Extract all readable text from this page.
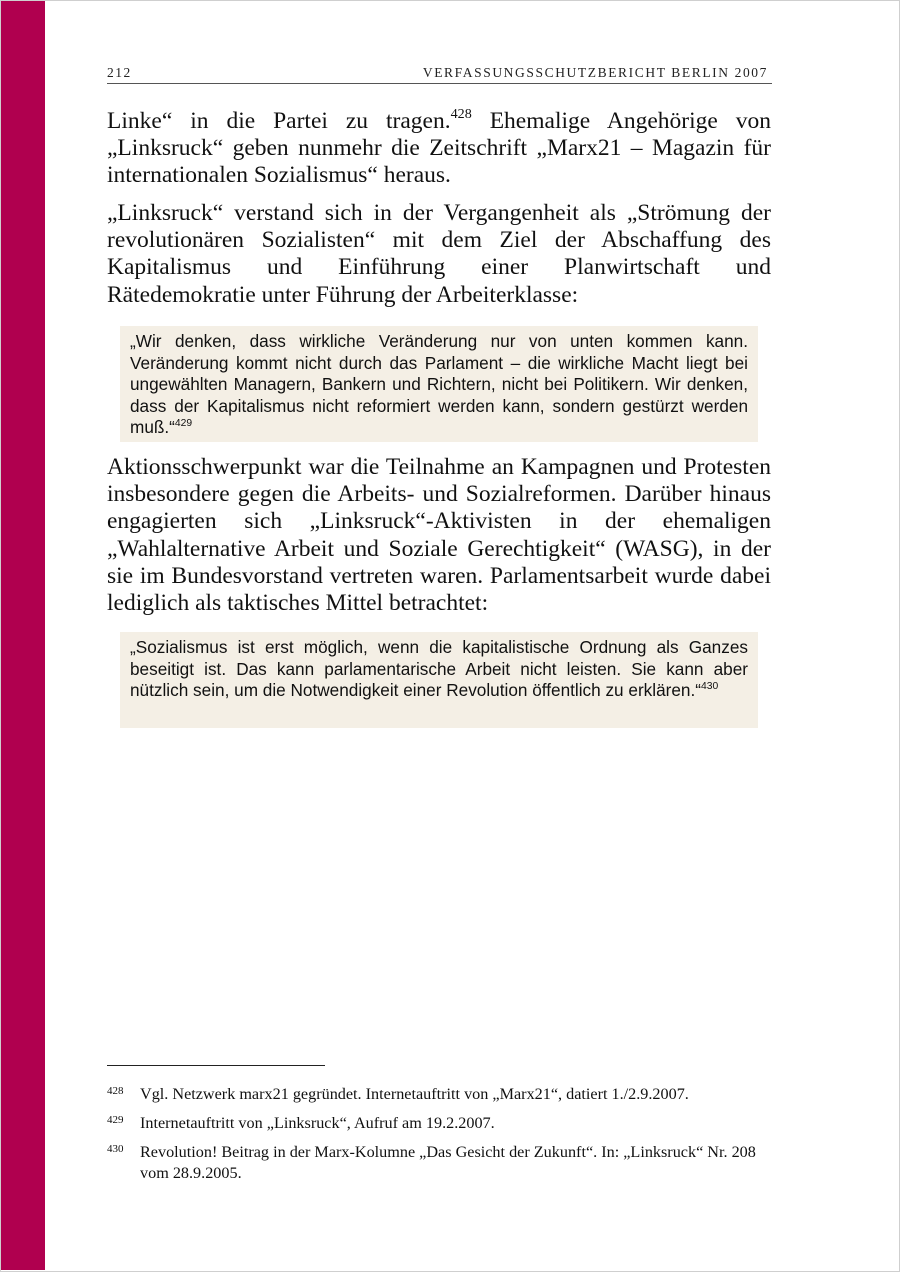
212	VERFASSUNGSSCHUTZBERICHT BERLIN 2007

Linke“ in die Partei zu tragen.$^{428}$ Ehemalige Angehörige von „Linksruck“ geben nunmehr die Zeitschrift „Marx21 – Magazin für internationalen Sozialismus“ heraus.

„Linksruck“ verstand sich in der Vergangenheit als „Strömung der revolutionären Sozialisten“ mit dem Ziel der Abschaffung des Kapitalismus und Einführung einer Planwirtschaft und Rätedemokratie unter Führung der Arbeiterklasse:

„Wir denken, dass wirkliche Veränderung nur von unten kommen kann. Veränderung kommt nicht durch das Parlament – die wirkliche Macht liegt bei ungewählten Managern, Bankern und Richtern, nicht bei Politikern. Wir denken, dass der Kapitalismus nicht reformiert werden kann, sondern gestürzt werden muß.“$^{429}$

Aktionsschwerpunkt war die Teilnahme an Kampagnen und Protesten insbesondere gegen die Arbeits- und Sozialreformen. Darüber hinaus engagierten sich „Linksruck“-Aktivisten in der ehemaligen „Wahlalternative Arbeit und Soziale Gerechtigkeit“ (WASG), in der sie im Bundesvorstand vertreten waren. Parlamentsarbeit wurde dabei lediglich als taktisches Mittel betrachtet:

„Sozialismus ist erst möglich, wenn die kapitalistische Ordnung als Ganzes beseitigt ist. Das kann parlamentarische Arbeit nicht leisten. Sie kann aber nützlich sein, um die Notwendigkeit einer Revolution öffentlich zu erklären.“$^{430}$

428 Vgl. Netzwerk marx21 gegründet. Internetauftritt von „Marx21“, datiert 1./2.9.2007.
429 Internetauftritt von „Linksruck“, Aufruf am 19.2.2007.
430 Revolution! Beitrag in der Marx-Kolumne „Das Gesicht der Zukunft“. In: „Linksruck“ Nr. 208 vom 28.9.2005.
